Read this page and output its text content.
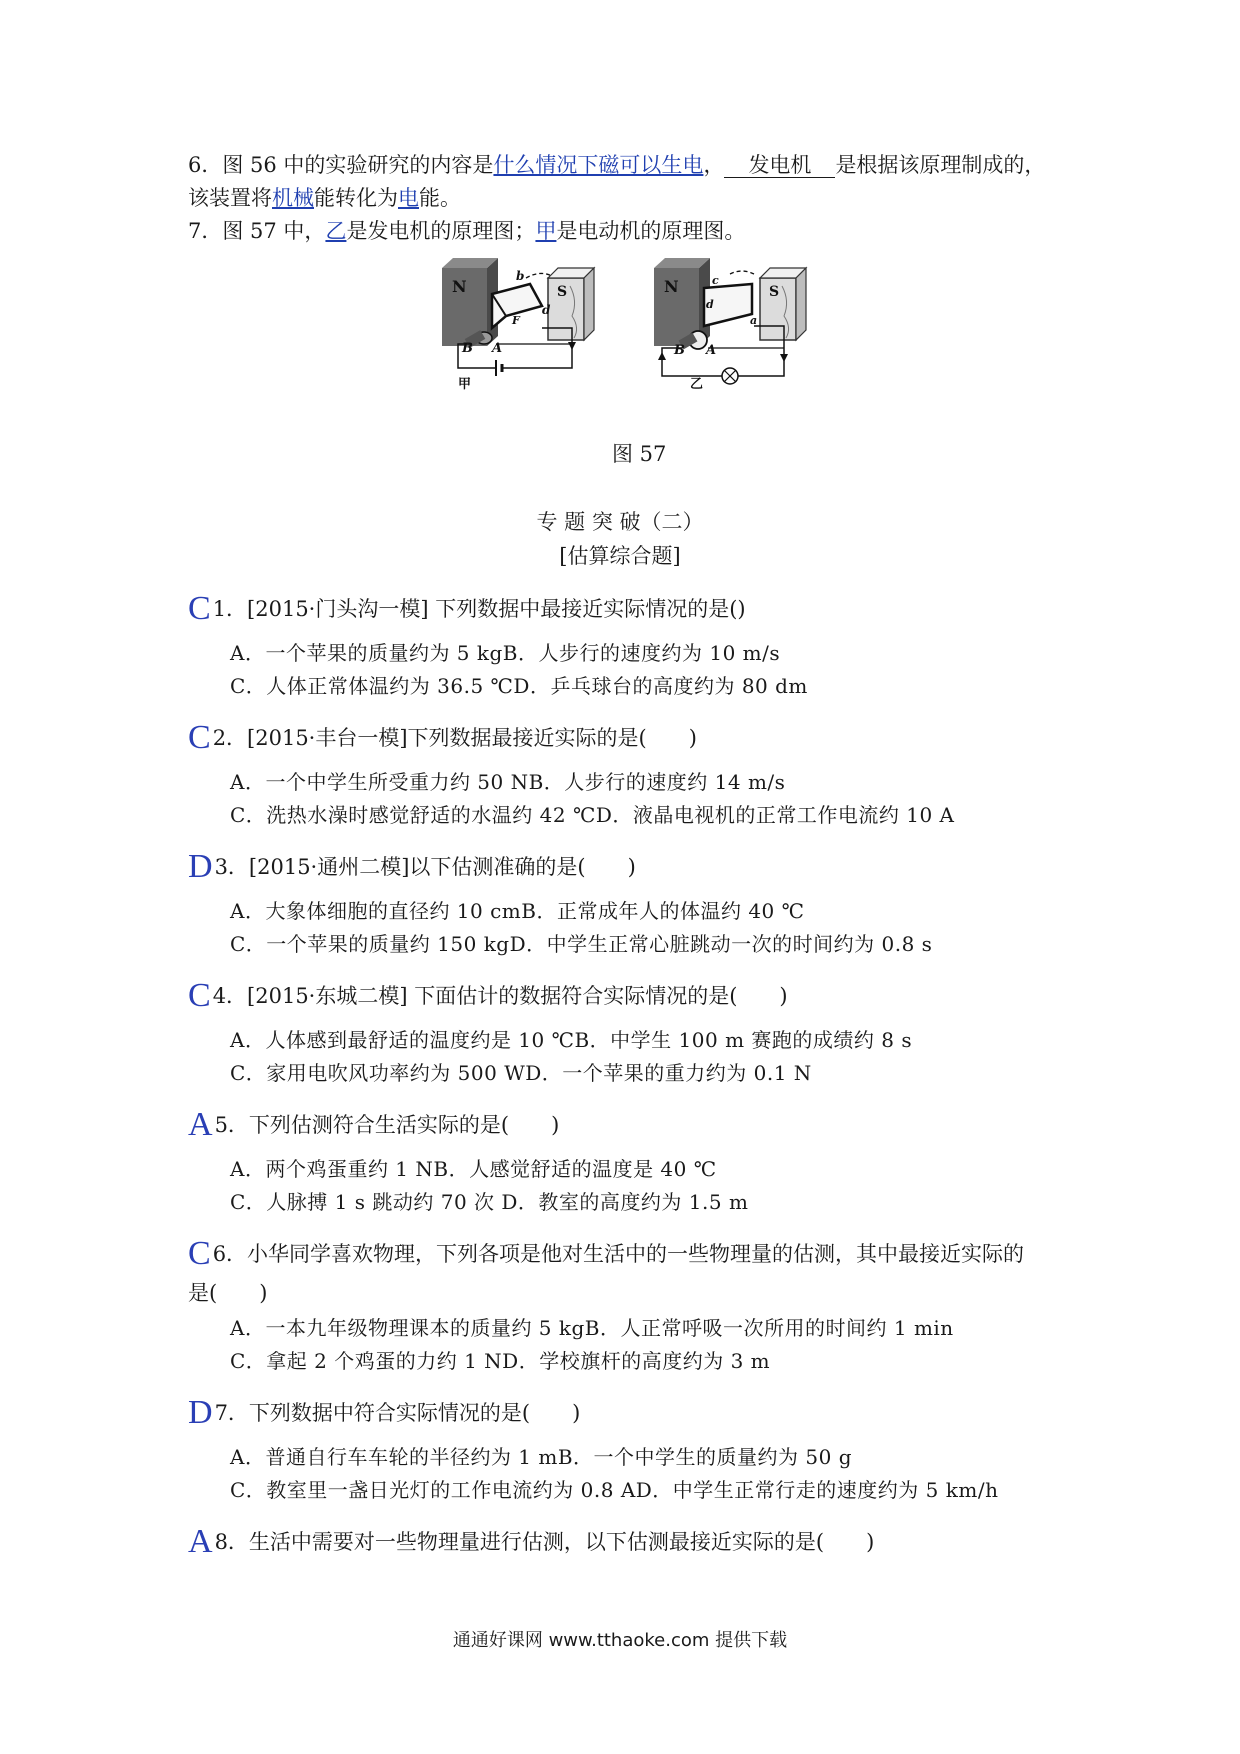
6．图 56 中的实验研究的内容是什么情况下磁可以生电， 发电机 是根据该原理制成的，
该装置将机械能转化为电能。
7．图 57 中，乙是发电机的原理图；甲是电动机的原理图。
N	S
b
d
F
B A
甲
N	S
c
d
a
B A
乙
图 57
专 题 突 破（二）
[估算综合题]
C1．[2015·门头沟一模] 下列数据中最接近实际情况的是()
A．一个苹果的质量约为 5 kgB．人步行的速度约为 10 m/s
C．人体正常体温约为 36.5 ℃D．乒乓球台的高度约为 80 dm
C2．[2015·丰台一模]下列数据最接近实际的是(　　)
A．一个中学生所受重力约 50 NB．人步行的速度约 14 m/s
C．洗热水澡时感觉舒适的水温约 42 ℃D．液晶电视机的正常工作电流约 10 A
D3．[2015·通州二模]以下估测准确的是(　　)
A．大象体细胞的直径约 10 cmB．正常成年人的体温约 40 ℃
C．一个苹果的质量约 150 kgD．中学生正常心脏跳动一次的时间约为 0.8 s
C4．[2015·东城二模] 下面估计的数据符合实际情况的是(　　)
A．人体感到最舒适的温度约是 10 ℃B．中学生 100 m 赛跑的成绩约 8 s
C．家用电吹风功率约为 500 WD．一个苹果的重力约为 0.1 N
A5．下列估测符合生活实际的是(　　)
A．两个鸡蛋重约 1 NB．人感觉舒适的温度是 40 ℃
C．人脉搏 1 s 跳动约 70 次 D．教室的高度约为 1.5 m
C6．小华同学喜欢物理，下列各项是他对生活中的一些物理量的估测，其中最接近实际的
是(　　)
A．一本九年级物理课本的质量约 5 kgB．人正常呼吸一次所用的时间约 1 min
C．拿起 2 个鸡蛋的力约 1 ND．学校旗杆的高度约为 3 m
D7．下列数据中符合实际情况的是(　　)
A．普通自行车车轮的半径约为 1 mB．一个中学生的质量约为 50 g
C．教室里一盏日光灯的工作电流约为 0.8 AD．中学生正常行走的速度约为 5 km/h
A8．生活中需要对一些物理量进行估测，以下估测最接近实际的是(　　)
通通好课网 www.tthaoke.com 提供下载
